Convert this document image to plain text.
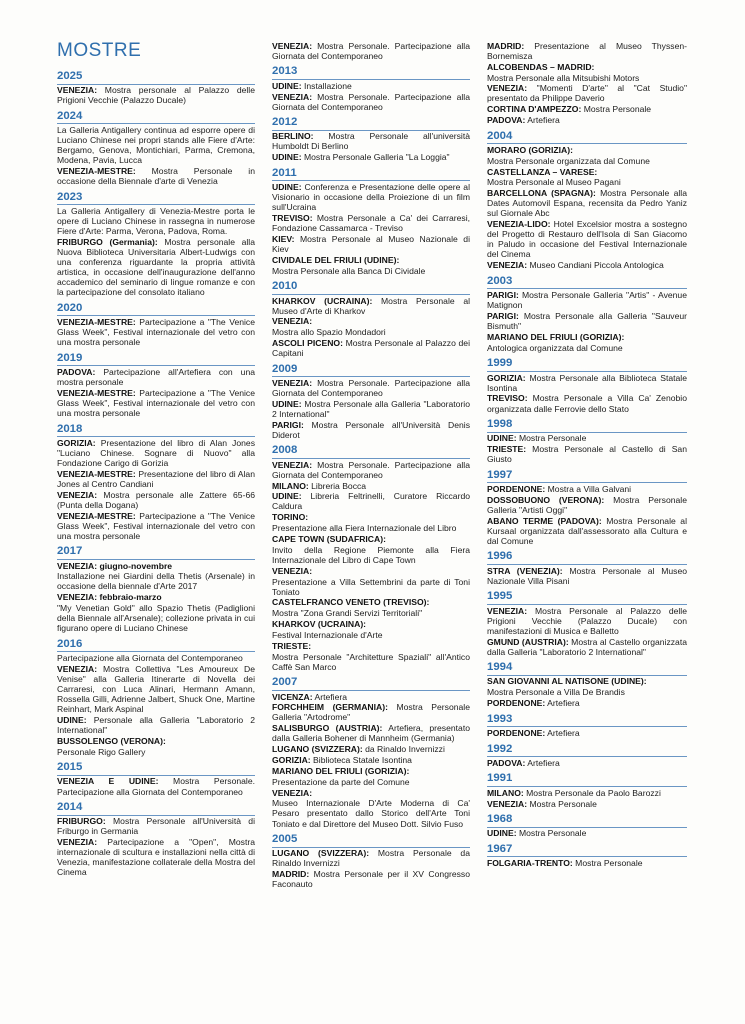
MOSTRE
2025
VENEZIA: Mostra personale al Palazzo delle Prigioni Vecchie (Palazzo Ducale)
2024
La Galleria Antigallery continua ad esporre opere di Luciano Chinese nei propri stands alle Fiere d'Arte: Bergamo, Genova, Montichiari, Parma, Cremona, Modena, Pavia, Lucca
VENEZIA-MESTRE: Mostra Personale in occasione della Biennale d'arte di Venezia
2023
La Galleria Antigallery di Venezia-Mestre porta le opere di Luciano Chinese in rassegna in numerose Fiere d'Arte: Parma, Verona, Padova, Roma.
FRIBURGO (Germania): Mostra personale alla Nuova Biblioteca Universitaria Albert-Ludwigs con una conferenza riguardante la propria attività artistica, in occasione dell'inaugurazione dell'anno accademico del seminario di lingue romanze e con la partecipazione del consolato italiano
2020
VENEZIA-MESTRE: Partecipazione a "The Venice Glass Week", Festival internazionale del vetro con una mostra personale
2019
PADOVA: Partecipazione all'Artefiera con una mostra personale
VENEZIA-MESTRE: Partecipazione a "The Venice Glass Week", Festival internazionale del vetro con una mostra personale
2018
GORIZIA: Presentazione del libro di Alan Jones "Luciano Chinese. Sognare di Nuovo" alla Fondazione Carigo di Gorizia
VENEZIA-MESTRE: Presentazione del libro di Alan Jones al Centro Candiani
VENEZIA: Mostra personale alle Zattere 65-66 (Punta della Dogana)
VENEZIA-MESTRE: Partecipazione a "The Venice Glass Week", Festival internazionale del vetro con una mostra personale
2017
VENEZIA: giugno-novembre
Installazione nei Giardini della Thetis (Arsenale) in occasione della biennale d'Arte 2017
VENEZIA: febbraio-marzo
"My Venetian Gold" allo Spazio Thetis (Padiglioni della Biennale all'Arsenale); collezione privata in cui figurano opere di Luciano Chinese
2016
Partecipazione alla Giornata del Contemporaneo
VENEZIA: Mostra Collettiva "Les Amoureux De Venise" alla Galleria Itinerarte di Novella dei Carraresi, con Luca Alinari, Hermann Amann, Rossella Gilli, Adrienne Jalbert, Shuck One, Martine Reinhart, Mark Aspinal
UDINE: Personale alla Galleria "Laboratorio 2 International"
BUSSOLENGO (VERONA):
Personale Rigo Gallery
2015
VENEZIA E UDINE: Mostra Personale. Partecipazione alla Giornata del Contemporaneo
2014
FRIBURGO: Mostra Personale all'Università di Friburgo in Germania
VENEZIA: Partecipazione a "Open", Mostra internazionale di scultura e installazioni nella città di Venezia, manifestazione collaterale della Mostra del Cinema
VENEZIA: Mostra Personale. Partecipazione alla Giornata del Contemporaneo
2013
UDINE: Installazione
VENEZIA: Mostra Personale. Partecipazione alla Giornata del Contemporaneo
2012
BERLINO: Mostra Personale all'università Humboldt Di Berlino
UDINE: Mostra Personale Galleria "La Loggia"
2011
UDINE: Conferenza e Presentazione delle opere al Visionario in occasione della Proiezione di un film sull'Ucraina
TREVISO: Mostra Personale a Ca' dei Carraresi, Fondazione Cassamarca - Treviso
KIEV: Mostra Personale al Museo Nazionale di Kiev
CIVIDALE DEL FRIULI (UDINE):
Mostra Personale alla Banca Di Cividale
2010
KHARKOV (UCRAINA): Mostra Personale al Museo d'Arte di Kharkov
VENEZIA:
Mostra allo Spazio Mondadori
ASCOLI PICENO: Mostra Personale al Palazzo dei Capitani
2009
VENEZIA: Mostra Personale. Partecipazione alla Giornata del Contemporaneo
UDINE: Mostra Personale alla Galleria "Laboratorio 2 International"
PARIGI: Mostra Personale all'Università Denis Diderot
2008
VENEZIA: Mostra Personale. Partecipazione alla Giornata del Contemporaneo
MILANO: Libreria Bocca
UDINE: Libreria Feltrinelli, Curatore Riccardo Caldura
TORINO:
Presentazione alla Fiera Internazionale del Libro
CAPE TOWN (SUDAFRICA):
Invito della Regione Piemonte alla Fiera Internazionale del Libro di Cape Town
VENEZIA:
Presentazione a Villa Settembrini da parte di Toni Toniato
CASTELFRANCO VENETO (TREVISO):
Mostra "Zona Grandi Servizi Territoriali"
KHARKOV (UCRAINA):
Festival Internazionale d'Arte
TRIESTE:
Mostra Personale "Architetture Spaziali" all'Antico Caffè San Marco
2007
VICENZA: Artefiera
FORCHHEIM (GERMANIA): Mostra Personale Galleria "Artodrome"
SALISBURGO (AUSTRIA): Artefiera, presentato dalla Galleria Bohener di Mannheim (Germania)
LUGANO (SVIZZERA): da Rinaldo Invernizzi
GORIZIA: Biblioteca Statale Isontina
MARIANO DEL FRIULI (GORIZIA):
Presentazione da parte del Comune
VENEZIA:
Museo Internazionale D'Arte Moderna di Ca' Pesaro presentato dallo Storico dell'Arte Toni Toniato e dal Direttore del Museo Dott. Silvio Fuso
2005
LUGANO (SVIZZERA): Mostra Personale da Rinaldo Invernizzi
MADRID: Mostra Personale per il XV Congresso Faconauto
MADRID: Presentazione al Museo Thyssen-Bornemisza
ALCOBENDAS – MADRID:
Mostra Personale alla Mitsubishi Motors
VENEZIA: "Momenti D'arte" al "Cat Studio" presentato da Philippe Daverio
CORTINA D'AMPEZZO: Mostra Personale
PADOVA: Artefiera
2004
MORARO (GORIZIA):
Mostra Personale organizzata dal Comune
CASTELLANZA – VARESE:
Mostra Personale al Museo Pagani
BARCELLONA (SPAGNA): Mostra Personale alla Dates Automovil Espana, recensita da Pedro Yaniz sul Giornale Abc
VENEZIA-LIDO: Hotel Excelsior mostra a sostegno del Progetto di Restauro dell'Isola di San Giacomo in Paludo in occasione del Festival Internazionale del Cinema
VENEZIA: Museo Candiani Piccola Antologica
2003
PARIGI: Mostra Personale Galleria "Artis" - Avenue Matignon
PARIGI: Mostra Personale alla Galleria "Sauveur Bismuth"
MARIANO DEL FRIULI (GORIZIA):
Antologica organizzata dal Comune
1999
GORIZIA: Mostra Personale alla Biblioteca Statale Isontina
TREVISO: Mostra Personale a Villa Ca' Zenobio organizzata dalle Ferrovie dello Stato
1998
UDINE: Mostra Personale
TRIESTE: Mostra Personale al Castello di San Giusto
1997
PORDENONE: Mostra a Villa Galvani
DOSSOBUONO (VERONA): Mostra Personale Galleria "Artisti Oggi"
ABANO TERME (PADOVA): Mostra Personale al Kursaal organizzata dall'assessorato alla Cultura e dal Comune
1996
STRA (VENEZIA): Mostra Personale al Museo Nazionale Villa Pisani
1995
VENEZIA: Mostra Personale al Palazzo delle Prigioni Vecchie (Palazzo Ducale) con manifestazioni di Musica e Balletto
GMUND (AUSTRIA): Mostra al Castello organizzata dalla Galleria "Laboratorio 2 International"
1994
SAN GIOVANNI AL NATISONE (UDINE):
Mostra Personale a Villa De Brandis
PORDENONE: Artefiera
1993
PORDENONE: Artefiera
1992
PADOVA: Artefiera
1991
MILANO: Mostra Personale da Paolo Barozzi
VENEZIA: Mostra Personale
1968
UDINE: Mostra Personale
1967
FOLGARIA-TRENTO: Mostra Personale
